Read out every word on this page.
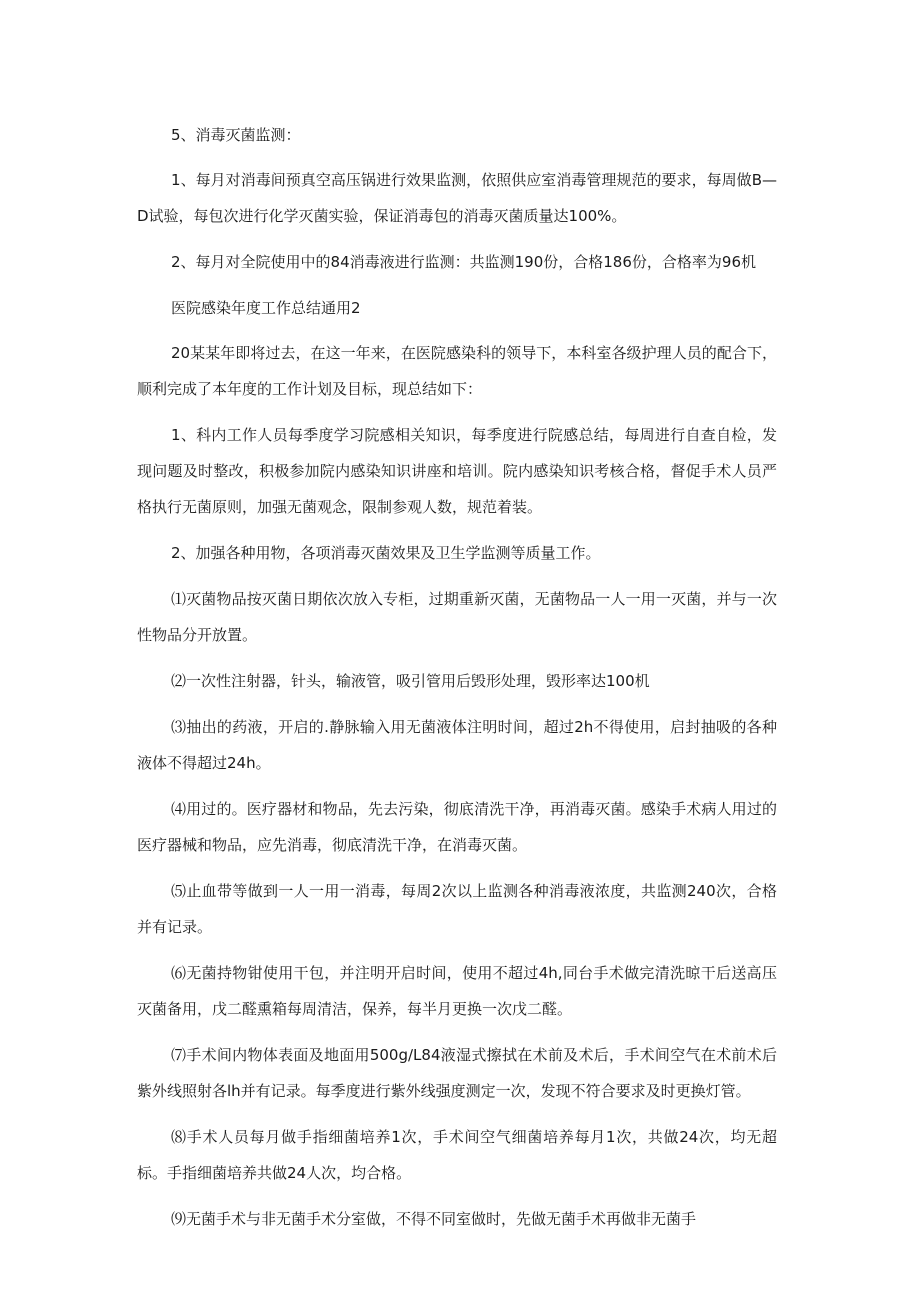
5、消毒灭菌监测：

1、每月对消毒间预真空高压锅进行效果监测，依照供应室消毒管理规范的要求，每周做B—D试验，每包次进行化学灭菌实验，保证消毒包的消毒灭菌质量达100%。

2、每月对全院使用中的84消毒液进行监测：共监测190份，合格186份，合格率为96机

医院感染年度工作总结通用2

20某某年即将过去，在这一年来，在医院感染科的领导下，本科室各级护理人员的配合下，顺利完成了本年度的工作计划及目标，现总结如下：

1、科内工作人员每季度学习院感相关知识，每季度进行院感总结，每周进行自查自检，发现问题及时整改，积极参加院内感染知识讲座和培训。院内感染知识考核合格，督促手术人员严格执行无菌原则，加强无菌观念，限制参观人数，规范着装。

2、加强各种用物，各项消毒灭菌效果及卫生学监测等质量工作。

⑴灭菌物品按灭菌日期依次放入专柜，过期重新灭菌，无菌物品一人一用一灭菌，并与一次性物品分开放置。

⑵一次性注射器，针头，输液管，吸引管用后毁形处理，毁形率达100机

⑶抽出的药液，开启的.静脉输入用无菌液体注明时间，超过2h不得使用，启封抽吸的各种液体不得超过24h。

⑷用过的。医疗器材和物品，先去污染，彻底清洗干净，再消毒灭菌。感染手术病人用过的医疗器械和物品，应先消毒，彻底清洗干净，在消毒灭菌。

⑸止血带等做到一人一用一消毒，每周2次以上监测各种消毒液浓度，共监测240次，合格并有记录。

⑹无菌持物钳使用干包，并注明开启时间，使用不超过4h,同台手术做完清洗晾干后送高压灭菌备用，戊二醛熏箱每周清洁，保养，每半月更换一次戊二醛。

⑺手术间内物体表面及地面用500g∕L84液湿式擦拭在术前及术后，手术间空气在术前术后紫外线照射各lh并有记录。每季度进行紫外线强度测定一次，发现不符合要求及时更换灯管。

⑻手术人员每月做手指细菌培养1次，手术间空气细菌培养每月1次，共做24次，均无超标。手指细菌培养共做24人次，均合格。

⑼无菌手术与非无菌手术分室做，不得不同室做时，先做无菌手术再做非无菌手
